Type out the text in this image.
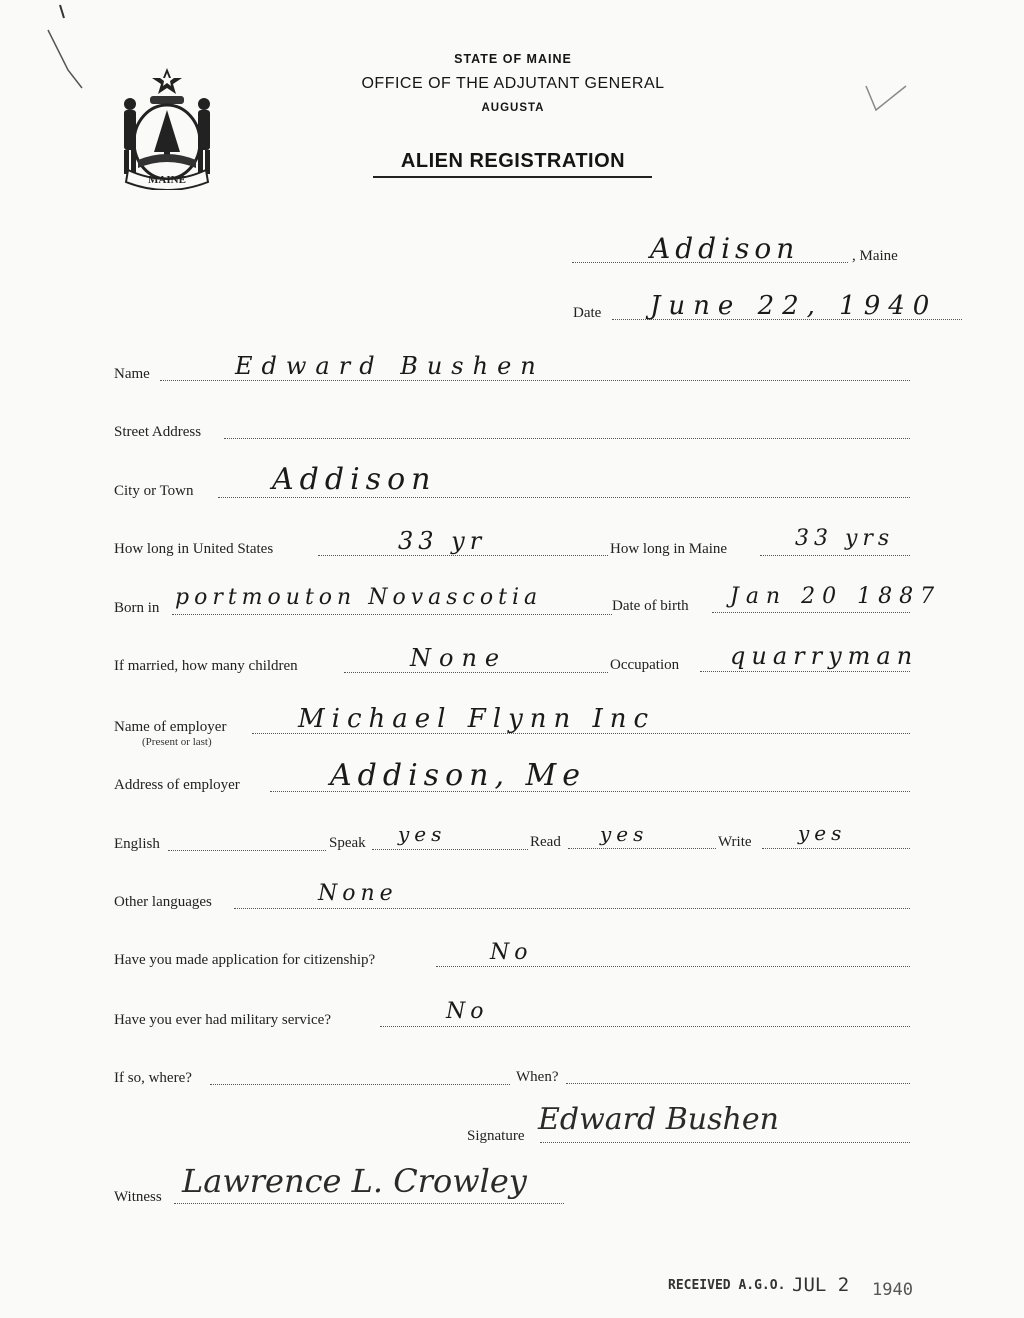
MAINE
STATE OF MAINE
OFFICE OF THE ADJUTANT GENERAL
AUGUSTA
ALIEN REGISTRATION
Addison	, Maine
Date June 22, 1940
Name	Edward Bushen
Street Address
City or Town	Addison
How long in United States	33 yr	How long in Maine	33 yrs
Born in portmouton Novascotia	Date of birth Jan 20 1887
If married, how many children	None	Occupation quarryman
Name of employer
(Present or last)
Michael Flynn Inc
Address of employer	Addison, Me
English	Speak yes	Read yes	Write yes
Other languages	None
Have you made application for citizenship?	No
Have you ever had military service?	No
If so, where?	When?
Signature Edward Bushen
Witness Lawrence L. Crowley
RECEIVED A.G.O. JUL 2 1940
